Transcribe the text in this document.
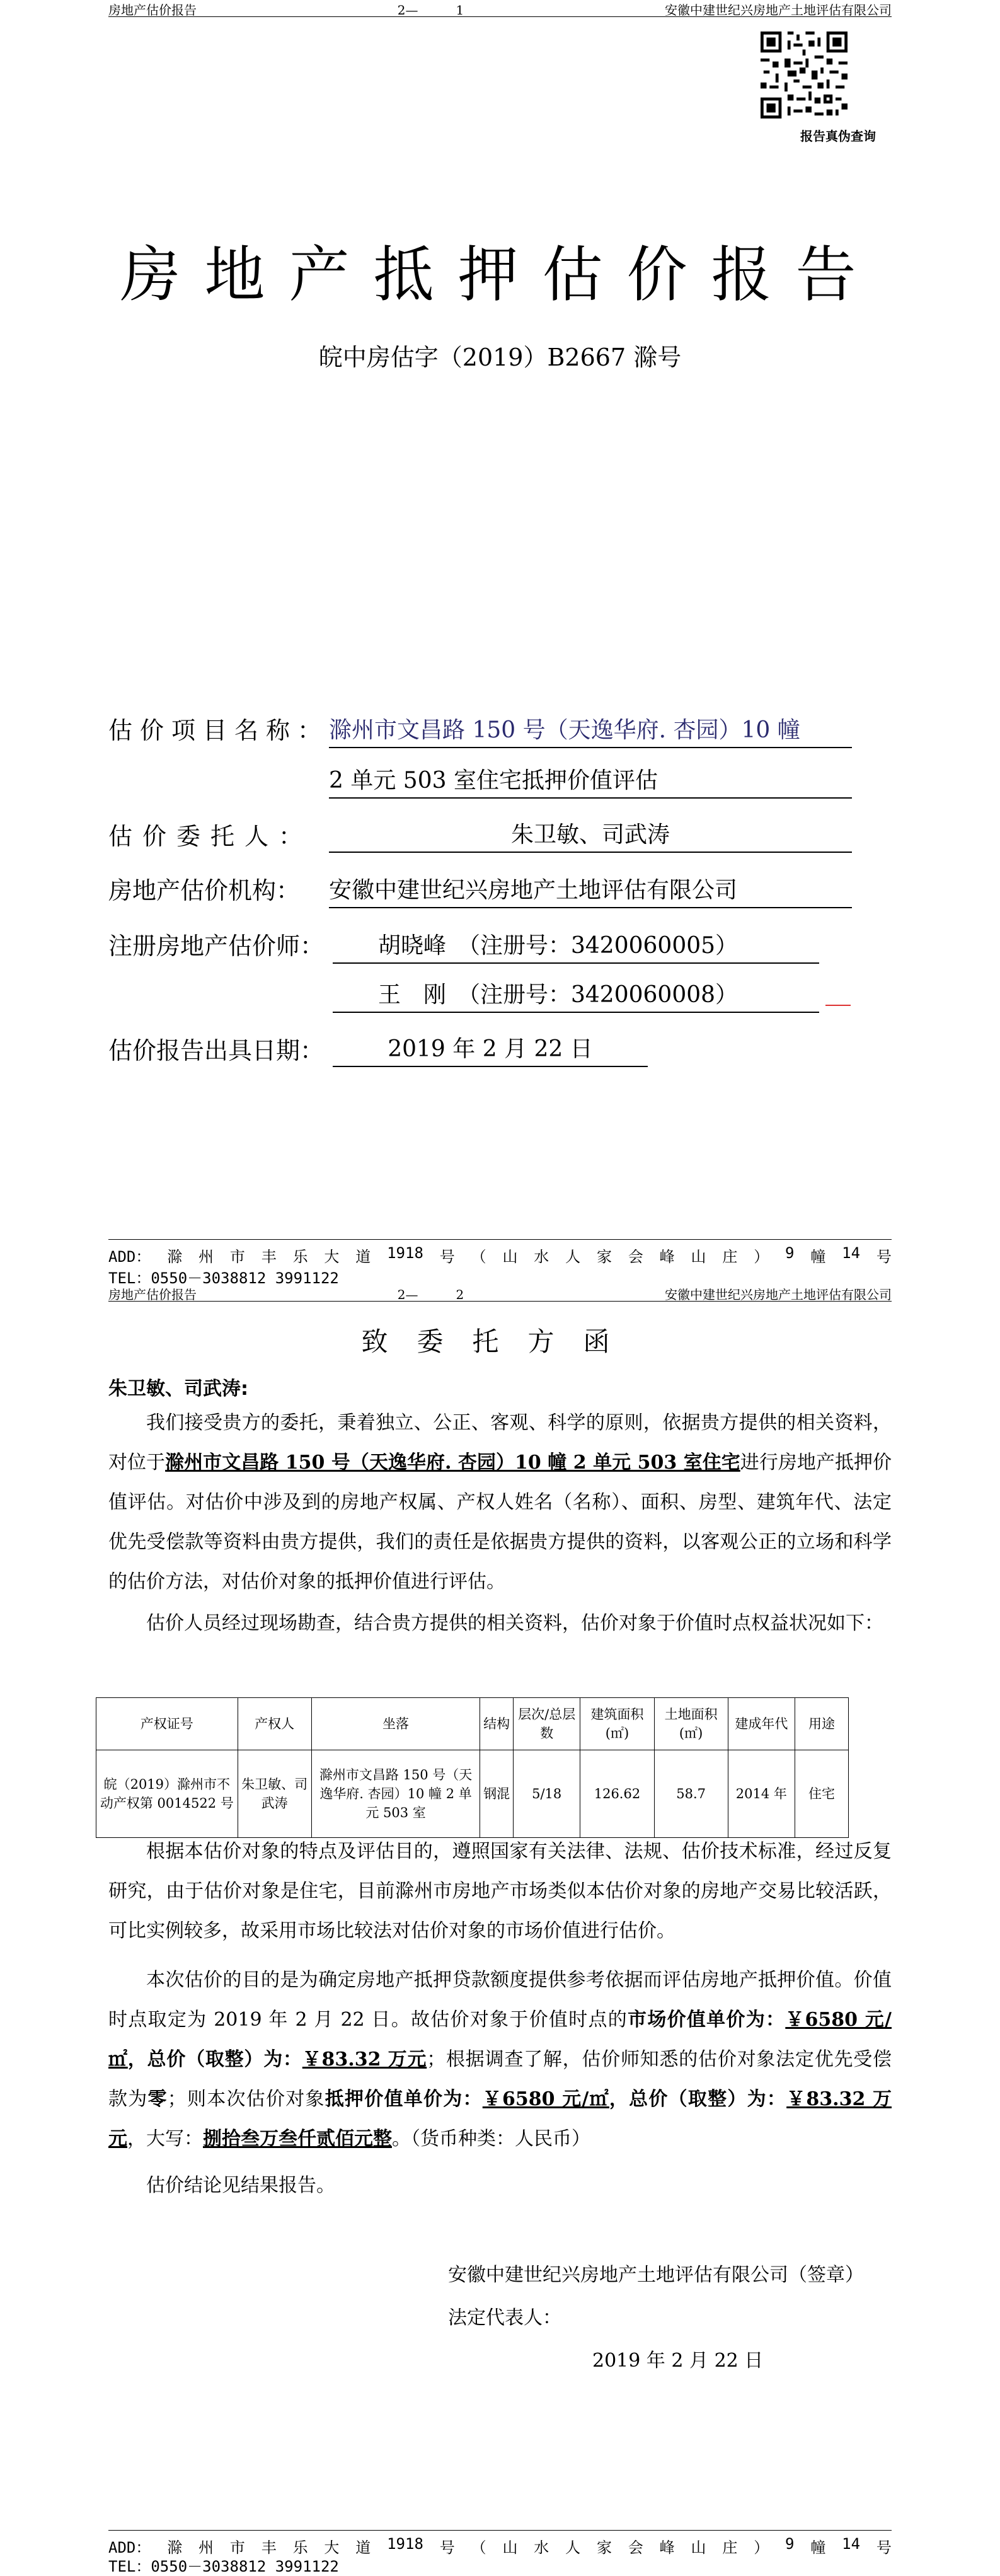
房地产估价报告	2—　　　1	安徽中建世纪兴房地产土地评估有限公司
报告真伪查询
房地产抵押估价报告
皖中房估字（2019）B2667 滁号
估价项目名称： 滁州市文昌路 150 号（天逸华府. 杏园）10 幢
2 单元 503 室住宅抵押价值评估
估价委托人：	朱卫敏、司武涛
房地产估价机构： 安徽中建世纪兴房地产土地评估有限公司
注册房地产估价师：	胡晓峰　（注册号：3420060005）
王　刚　（注册号：3420060008）
估价报告出具日期：	2019 年 2 月 22 日
ADD： 滁 州 市 丰 乐 大 道 1918 号 （ 山 水 人 家 会 峰 山 庄 ） 9 幢 14 号
TEL：0550－3038812 3991122
房地产估价报告	2—　　　2	安徽中建世纪兴房地产土地评估有限公司
致委托方函
朱卫敏、司武涛:
我们接受贵方的委托，秉着独立、公正、客观、科学的原则，依据贵方提供的相关资料，对位于滁州市文昌路 150 号（天逸华府. 杏园）10 幢 2 单元 503 室住宅进行房地产抵押价值评估。对估价中涉及到的房地产权属、产权人姓名（名称）、面积、房型、建筑年代、法定优先受偿款等资料由贵方提供，我们的责任是依据贵方提供的资料，以客观公正的立场和科学的估价方法，对估价对象的抵押价值进行评估。
估价人员经过现场勘查，结合贵方提供的相关资料，估价对象于价值时点权益状况如下：
产权证号	产权人	坐落	结构	层次/总层数	建筑面积(㎡)	土地面积(㎡)	建成年代	用途
皖（2019）滁州市不动产权第 0014522 号	朱卫敏、司武涛	滁州市文昌路 150 号（天逸华府. 杏园）10 幢 2 单元 503 室	钢混	5/18	126.62	58.7	2014 年	住宅
根据本估价对象的特点及评估目的，遵照国家有关法律、法规、估价技术标准，经过反复研究，由于估价对象是住宅，目前滁州市房地产市场类似本估价对象的房地产交易比较活跃，可比实例较多，故采用市场比较法对估价对象的市场价值进行估价。
本次估价的目的是为确定房地产抵押贷款额度提供参考依据而评估房地产抵押价值。价值时点取定为 2019 年 2 月 22 日。故估价对象于价值时点的市场价值单价为：￥6580 元/㎡，总价（取整）为：￥83.32 万元；根据调查了解，估价师知悉的估价对象法定优先受偿款为零；则本次估价对象抵押价值单价为：￥6580 元/㎡，总价（取整）为：￥83.32 万元，大写：捌拾叁万叁仟贰佰元整。（货币种类：人民币）
估价结论见结果报告。
安徽中建世纪兴房地产土地评估有限公司（签章）
法定代表人：
2019 年 2 月 22 日
ADD： 滁 州 市 丰 乐 大 道 1918 号 （ 山 水 人 家 会 峰 山 庄 ） 9 幢 14 号
TEL：0550－3038812 3991122
